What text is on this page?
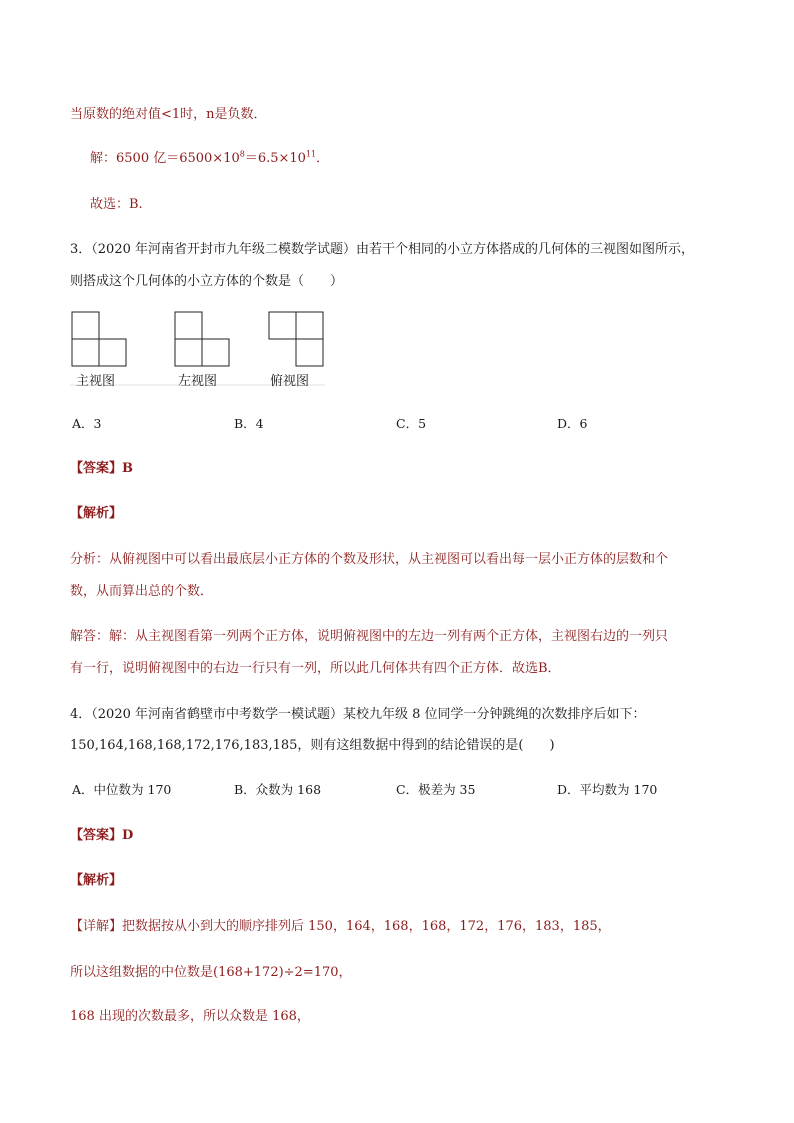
当原数的绝对值<1时，n是负数．
解：6500 亿$=6500\times 10^8=6.5\times 10^{11}$．
故选：B.
3．（2020 年河南省开封市九年级二模数学试题）由若干个相同的小立方体搭成的几何体的三视图如图所示，
则搭成这个几何体的小立方体的个数是（　　）
主视图	左视图	俯视图
A．3	B．4	C．5	D．6
【答案】B
【解析】
分析：从俯视图中可以看出最底层小正方体的个数及形状，从主视图可以看出每一层小正方体的层数和个
数，从而算出总的个数．
解答：解：从主视图看第一列两个正方体，说明俯视图中的左边一列有两个正方体，主视图右边的一列只
有一行，说明俯视图中的右边一行只有一列，所以此几何体共有四个正方体．故选B．
4．（2020 年河南省鹤壁市中考数学一模试题）某校九年级 8 位同学一分钟跳绳的次数排序后如下：
150,164,168,168,172,176,183,185，则有这组数据中得到的结论错误的是(　　)
A．中位数为 170	B．众数为 168	C．极差为 35	D．平均数为 170
【答案】D
【解析】
【详解】把数据按从小到大的顺序排列后 150，164，168，168，172，176，183，185，
所以这组数据的中位数是(168+172)÷2=170，
168 出现的次数最多，所以众数是 168，
